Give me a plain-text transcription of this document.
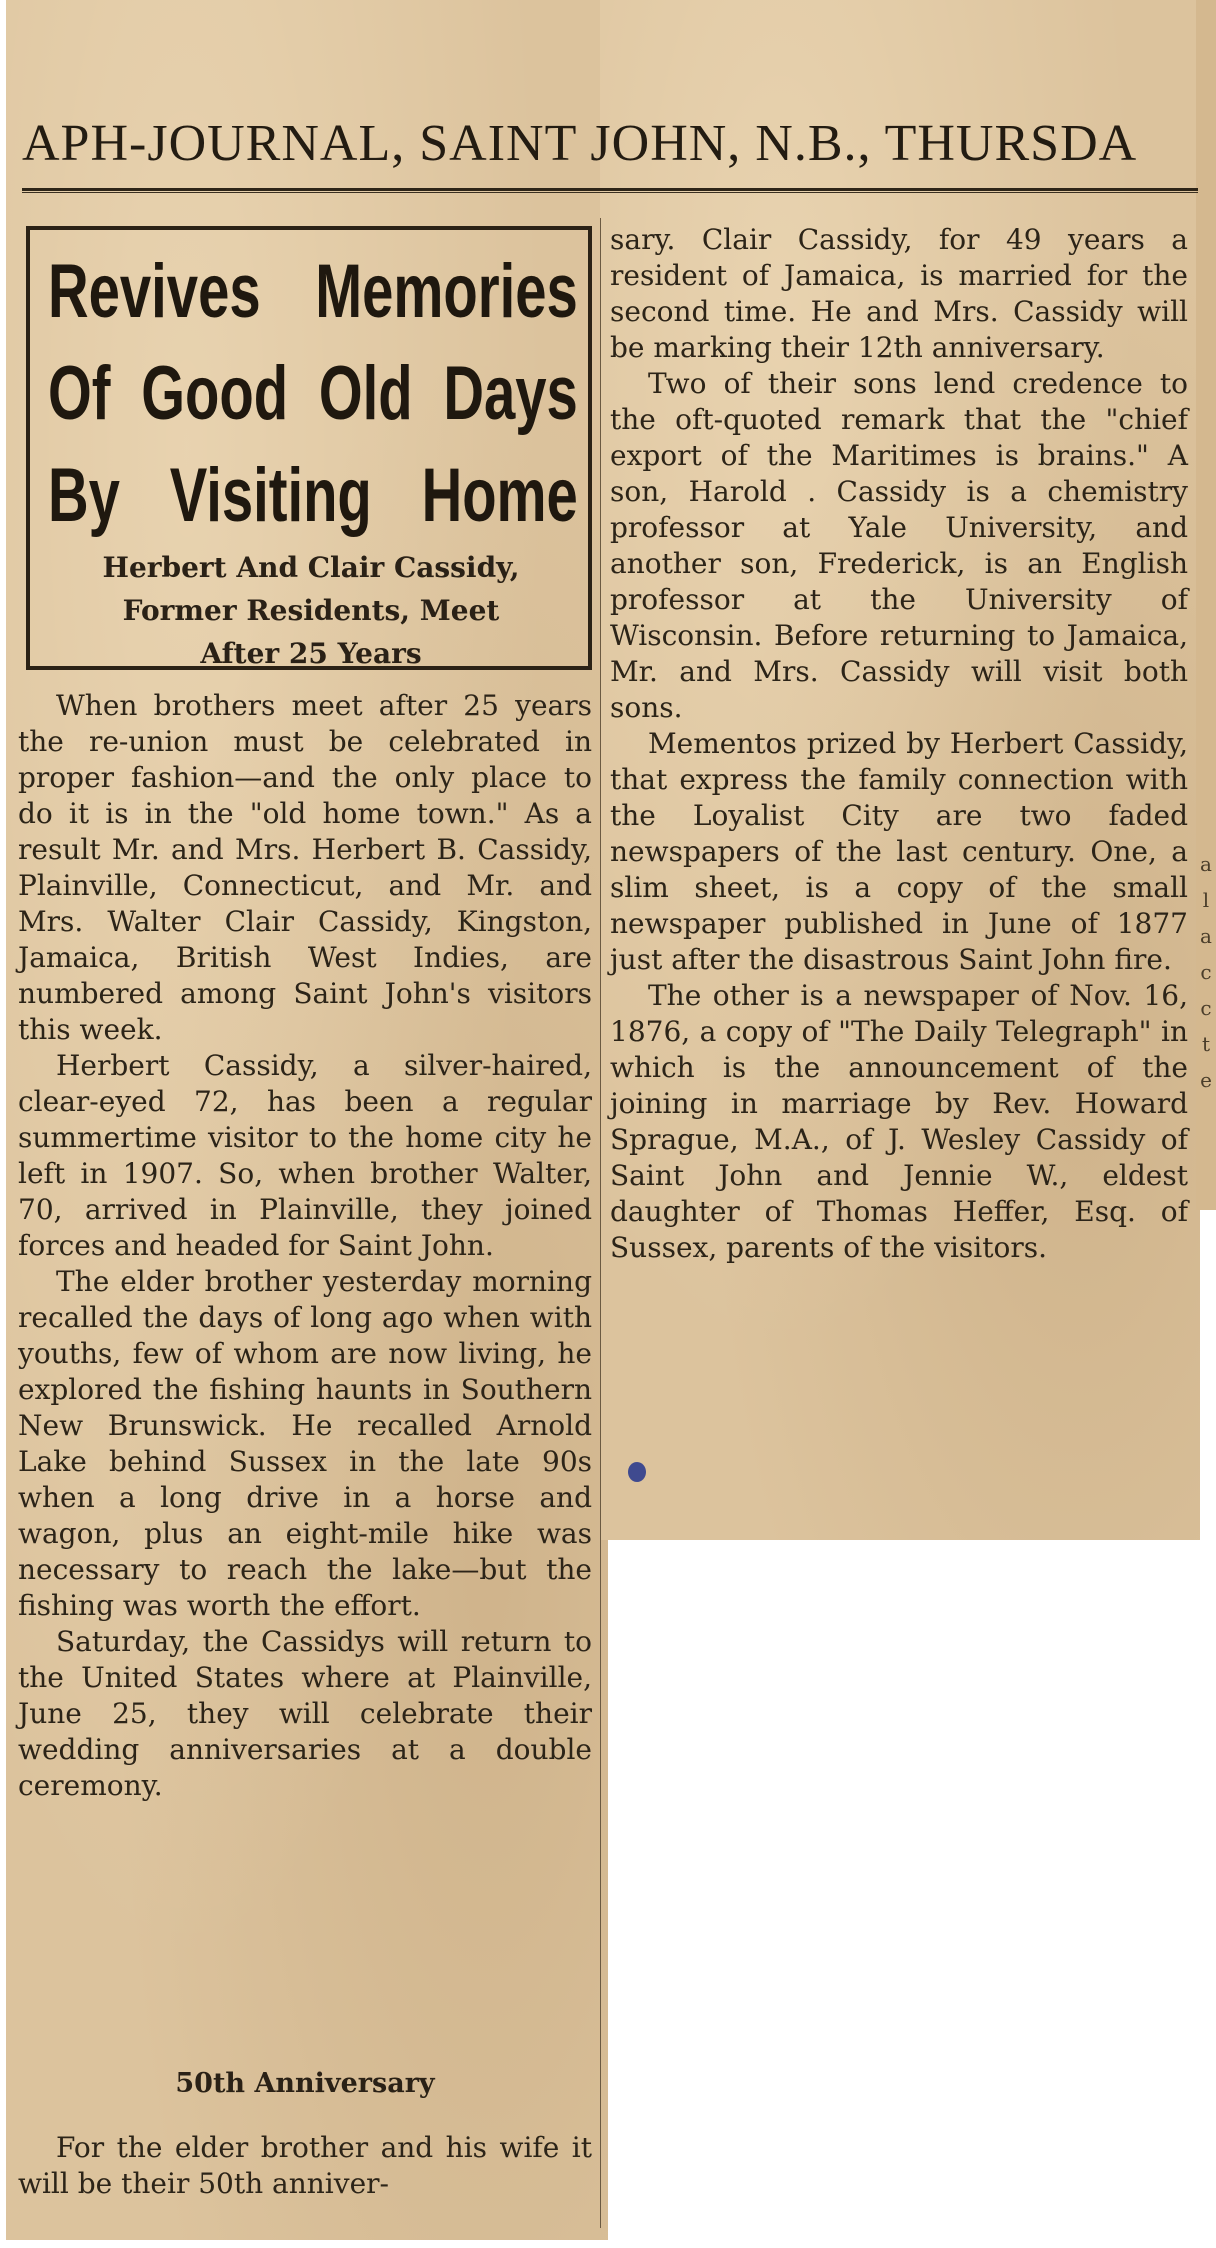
APH-JOURNAL, SAINT JOHN, N.B., THURSDA
Revives Memories
Of Good Old Days
By Visiting Home
Herbert And Clair Cassidy,
Former Residents, Meet
After 25 Years

When brothers meet after 25 years the re-union must be celebrated in proper fashion—and the only place to do it is in the "old home town." As a result Mr. and Mrs. Herbert B. Cassidy, Plainville, Connecticut, and Mr. and Mrs. Walter Clair Cassidy, Kingston, Jamaica, British West Indies, are numbered among Saint John's visitors this week.

Herbert Cassidy, a silver-haired, clear-eyed 72, has been a regular summertime visitor to the home city he left in 1907. So, when brother Walter, 70, arrived in Plainville, they joined forces and headed for Saint John.

The elder brother yesterday morning recalled the days of long ago when with youths, few of whom are now living, he explored the fishing haunts in Southern New Brunswick. He recalled Arnold Lake behind Sussex in the late 90s when a long drive in a horse and wagon, plus an eight-mile hike was necessary to reach the lake—but the fishing was worth the effort.

Saturday, the Cassidys will return to the United States where at Plainville, June 25, they will celebrate their wedding anniversaries at a double ceremony.

50th Anniversary

For the elder brother and his wife it will be their 50th anniver-

sary. Clair Cassidy, for 49 years a resident of Jamaica, is married for the second time. He and Mrs. Cassidy will be marking their 12th anniversary.

Two of their sons lend credence to the oft-quoted remark that the "chief export of the Maritimes is brains." A son, Harold . Cassidy is a chemistry professor at Yale University, and another son, Frederick, is an English professor at the University of Wisconsin. Before returning to Jamaica, Mr. and Mrs. Cassidy will visit both sons.

Mementos prized by Herbert Cassidy, that express the family connection with the Loyalist City are two faded newspapers of the last century. One, a slim sheet, is a copy of the small newspaper published in June of 1877 just after the disastrous Saint John fire.

The other is a newspaper of Nov. 16, 1876, a copy of "The Daily Telegraph" in which is the announcement of the joining in marriage by Rev. Howard Sprague, M.A., of J. Wesley Cassidy of Saint John and Jennie W., eldest daughter of Thomas Heffer, Esq. of Sussex, parents of the visitors.

a
l
a
c
c
t
e
